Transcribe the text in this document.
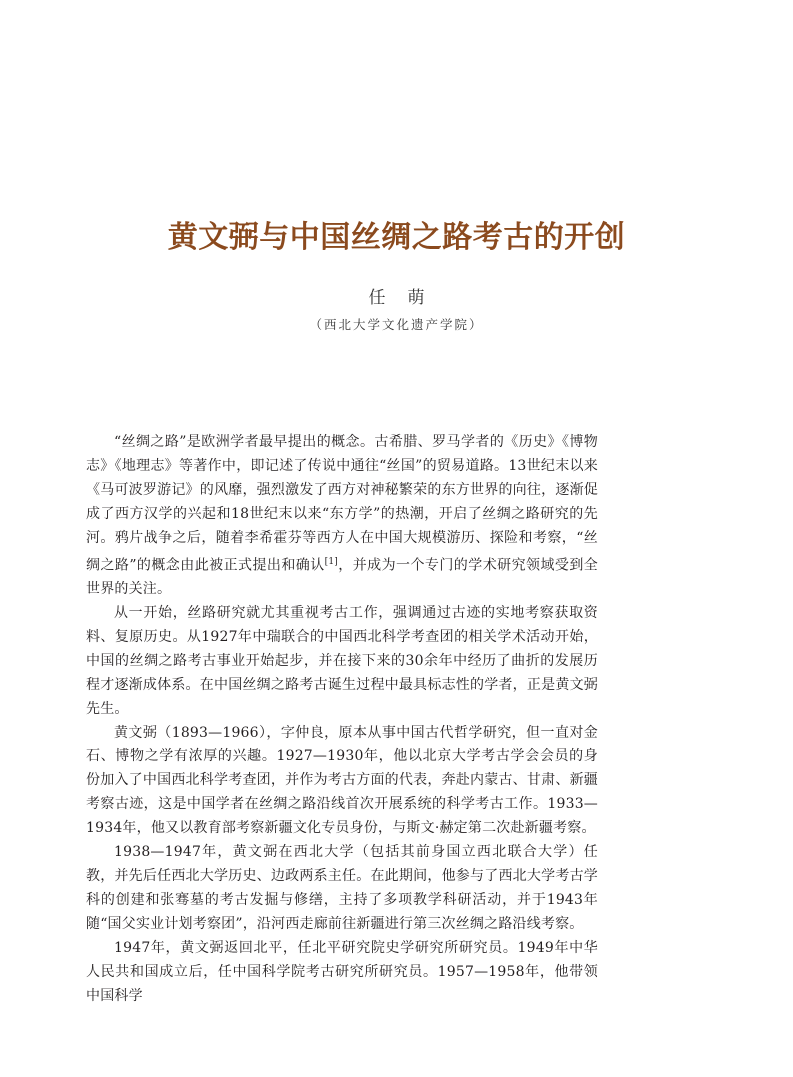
黄文弼与中国丝绸之路考古的开创
任萌
（西北大学文化遗产学院）

“丝绸之路”是欧洲学者最早提出的概念。古希腊、罗马学者的《历史》《博物志》《地理志》等著作中，即记述了传说中通往“丝国”的贸易道路。13世纪末以来《马可波罗游记》的风靡，强烈激发了西方对神秘繁荣的东方世界的向往，逐渐促成了西方汉学的兴起和18世纪末以来“东方学”的热潮，开启了丝绸之路研究的先河。鸦片战争之后，随着李希霍芬等西方人在中国大规模游历、探险和考察，“丝绸之路”的概念由此被正式提出和确认[1]，并成为一个专门的学术研究领域受到全世界的关注。

从一开始，丝路研究就尤其重视考古工作，强调通过古迹的实地考察获取资料、复原历史。从1927年中瑞联合的中国西北科学考查团的相关学术活动开始，中国的丝绸之路考古事业开始起步，并在接下来的30余年中经历了曲折的发展历程才逐渐成体系。在中国丝绸之路考古诞生过程中最具标志性的学者，正是黄文弼先生。

黄文弼（1893—1966），字仲良，原本从事中国古代哲学研究，但一直对金石、博物之学有浓厚的兴趣。1927—1930年，他以北京大学考古学会会员的身份加入了中国西北科学考查团，并作为考古方面的代表，奔赴内蒙古、甘肃、新疆考察古迹，这是中国学者在丝绸之路沿线首次开展系统的科学考古工作。1933—1934年，他又以教育部考察新疆文化专员身份，与斯文·赫定第二次赴新疆考察。

1938—1947年，黄文弼在西北大学（包括其前身国立西北联合大学）任教，并先后任西北大学历史、边政两系主任。在此期间，他参与了西北大学考古学科的创建和张骞墓的考古发掘与修缮，主持了多项教学科研活动，并于1943年随“国父实业计划考察团”，沿河西走廊前往新疆进行第三次丝绸之路沿线考察。

1947年，黄文弼返回北平，任北平研究院史学研究所研究员。1949年中华人民共和国成立后，任中国科学院考古研究所研究员。1957—1958年，他带领中国科学
